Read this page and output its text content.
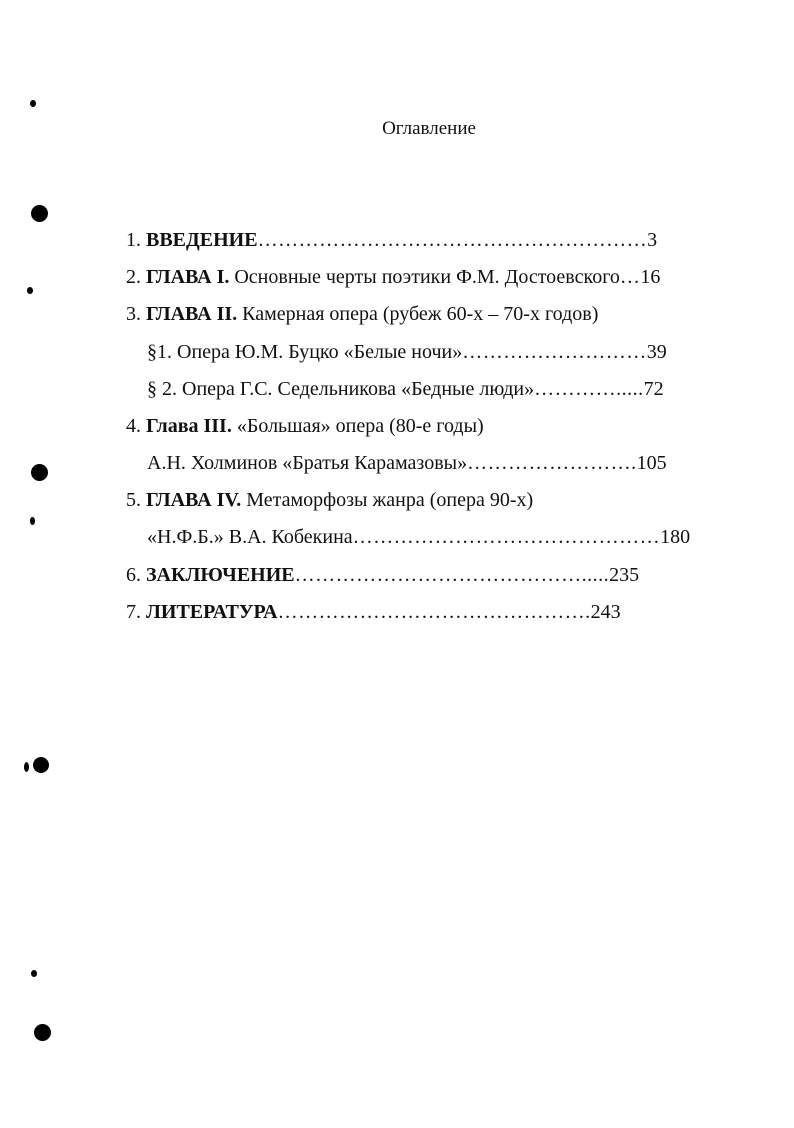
Оглавление
1. ВВЕДЕНИЕ…………………………………………………3
2. ГЛАВА I. Основные черты поэтики Ф.М. Достоевского…16
3. ГЛАВА II. Камерная опера (рубеж 60-х – 70-х годов)
§1. Опера Ю.М. Буцко «Белые ночи»………………………39
§ 2. Опера Г.С. Седельникова «Бедные люди»………….....72
4. Глава III. «Большая» опера (80-е годы)
А.Н. Холминов «Братья Карамазовы»…………………….105
5. ГЛАВА IV. Метаморфозы жанра (опера 90-х)
«Н.Ф.Б.» В.А. Кобекина………………………………………180
6. ЗАКЛЮЧЕНИЕ…………………………………….....235
7. ЛИТЕРАТУРА……………………………………….243
